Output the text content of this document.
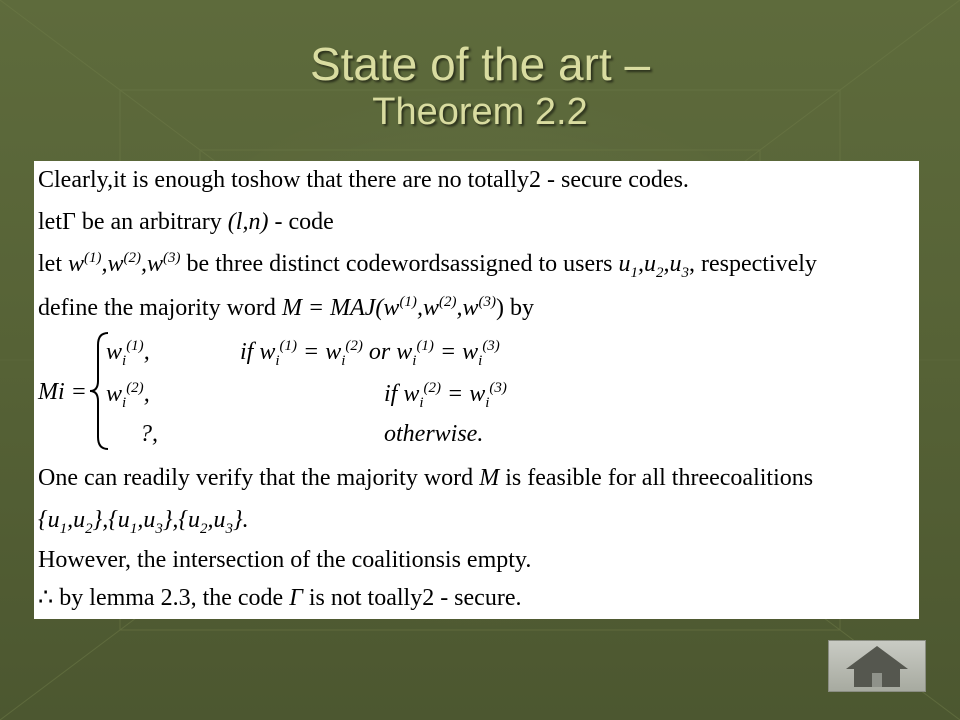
State of the art –
Theorem 2.2
Clearly,it is enough toshow that there are no totally2 - secure codes.
letΓ be an arbitrary (l,n) - code
let $w^{(1)},w^{(2)},w^{(3)}$ be three distinct codewordsassigned to users $u_1,u_2,u_3$, respectively
define the majority word $M = MAJ(w^{(1)},w^{(2)},w^{(3)})$ by
Mi =
$w_i^{(1)}$,	if $w_i^{(1)} = w_i^{(2)}$ or $w_i^{(1)} = w_i^{(3)}$
$w_i^{(2)}$,	if $w_i^{(2)} = w_i^{(3)}$
?,	otherwise.
One can readily verify that the majority word M is feasible for all threecoalitions
$\{u_1,u_2\},\{u_1,u_3\},\{u_2,u_3\}$.
However, the intersection of the coalitionsis empty.
∴ by lemma 2.3, the code Γ is not toally2 - secure.
